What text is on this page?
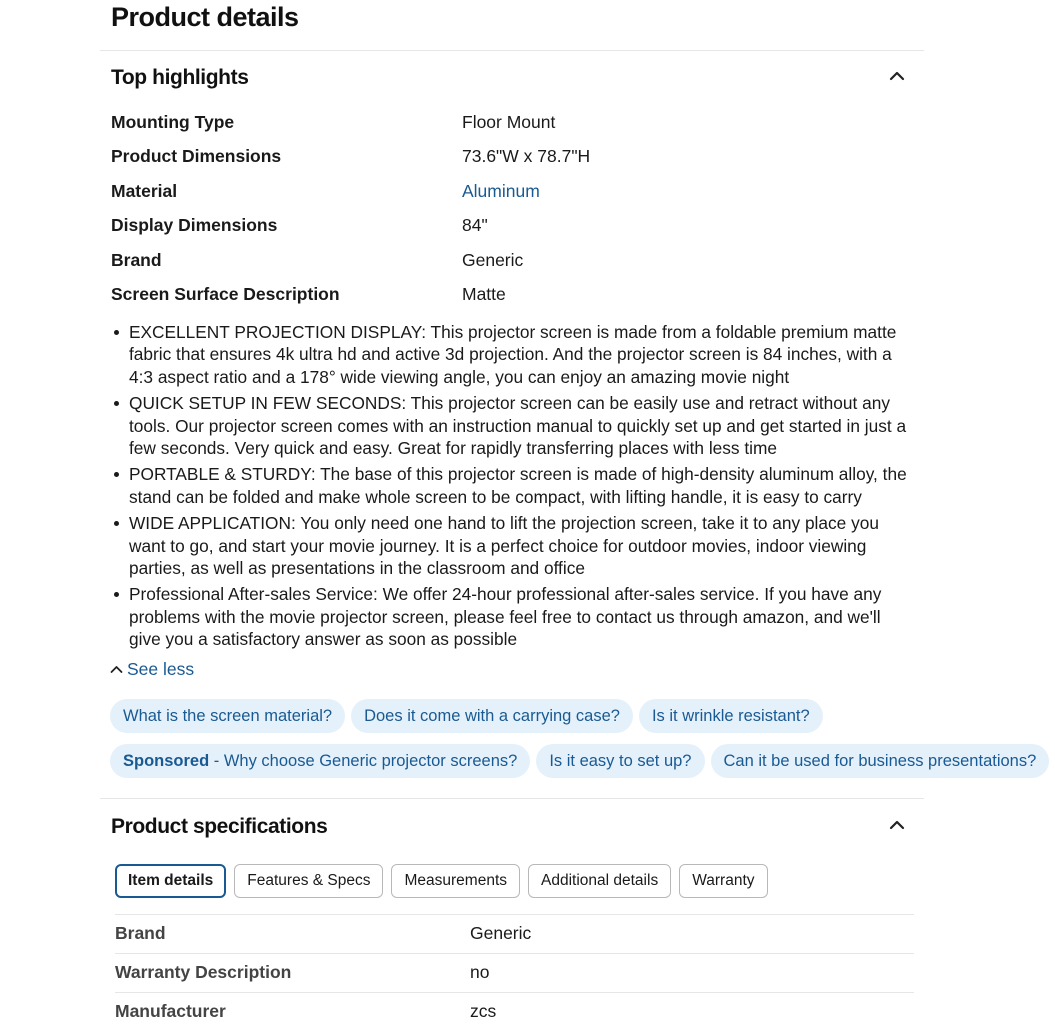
Product details
Top highlights
Mounting Type	Floor Mount
Product Dimensions	73.6"W x 78.7"H
Material	Aluminum
Display Dimensions	84"
Brand	Generic
Screen Surface Description	Matte
EXCELLENT PROJECTION DISPLAY: This projector screen is made from a foldable premium matte fabric that ensures 4k ultra hd and active 3d projection. And the projector screen is 84 inches, with a 4:3 aspect ratio and a 178° wide viewing angle, you can enjoy an amazing movie night
QUICK SETUP IN FEW SECONDS: This projector screen can be easily use and retract without any tools. Our projector screen comes with an instruction manual to quickly set up and get started in just a few seconds. Very quick and easy. Great for rapidly transferring places with less time
PORTABLE & STURDY: The base of this projector screen is made of high-density aluminum alloy, the stand can be folded and make whole screen to be compact, with lifting handle, it is easy to carry
WIDE APPLICATION: You only need one hand to lift the projection screen, take it to any place you want to go, and start your movie journey. It is a perfect choice for outdoor movies, indoor viewing parties, as well as presentations in the classroom and office
Professional After-sales Service: We offer 24-hour professional after-sales service. If you have any problems with the movie projector screen, please feel free to contact us through amazon, and we'll give you a satisfactory answer as soon as possible
See less
What is the screen material? Does it come with a carrying case? Is it wrinkle resistant?
Sponsored - Why choose Generic projector screens? Is it easy to set up? Can it be used for business presentations?
Product specifications
Item details Features & Specs Measurements Additional details Warranty
Brand	Generic
Warranty Description	no
Manufacturer	zcs
